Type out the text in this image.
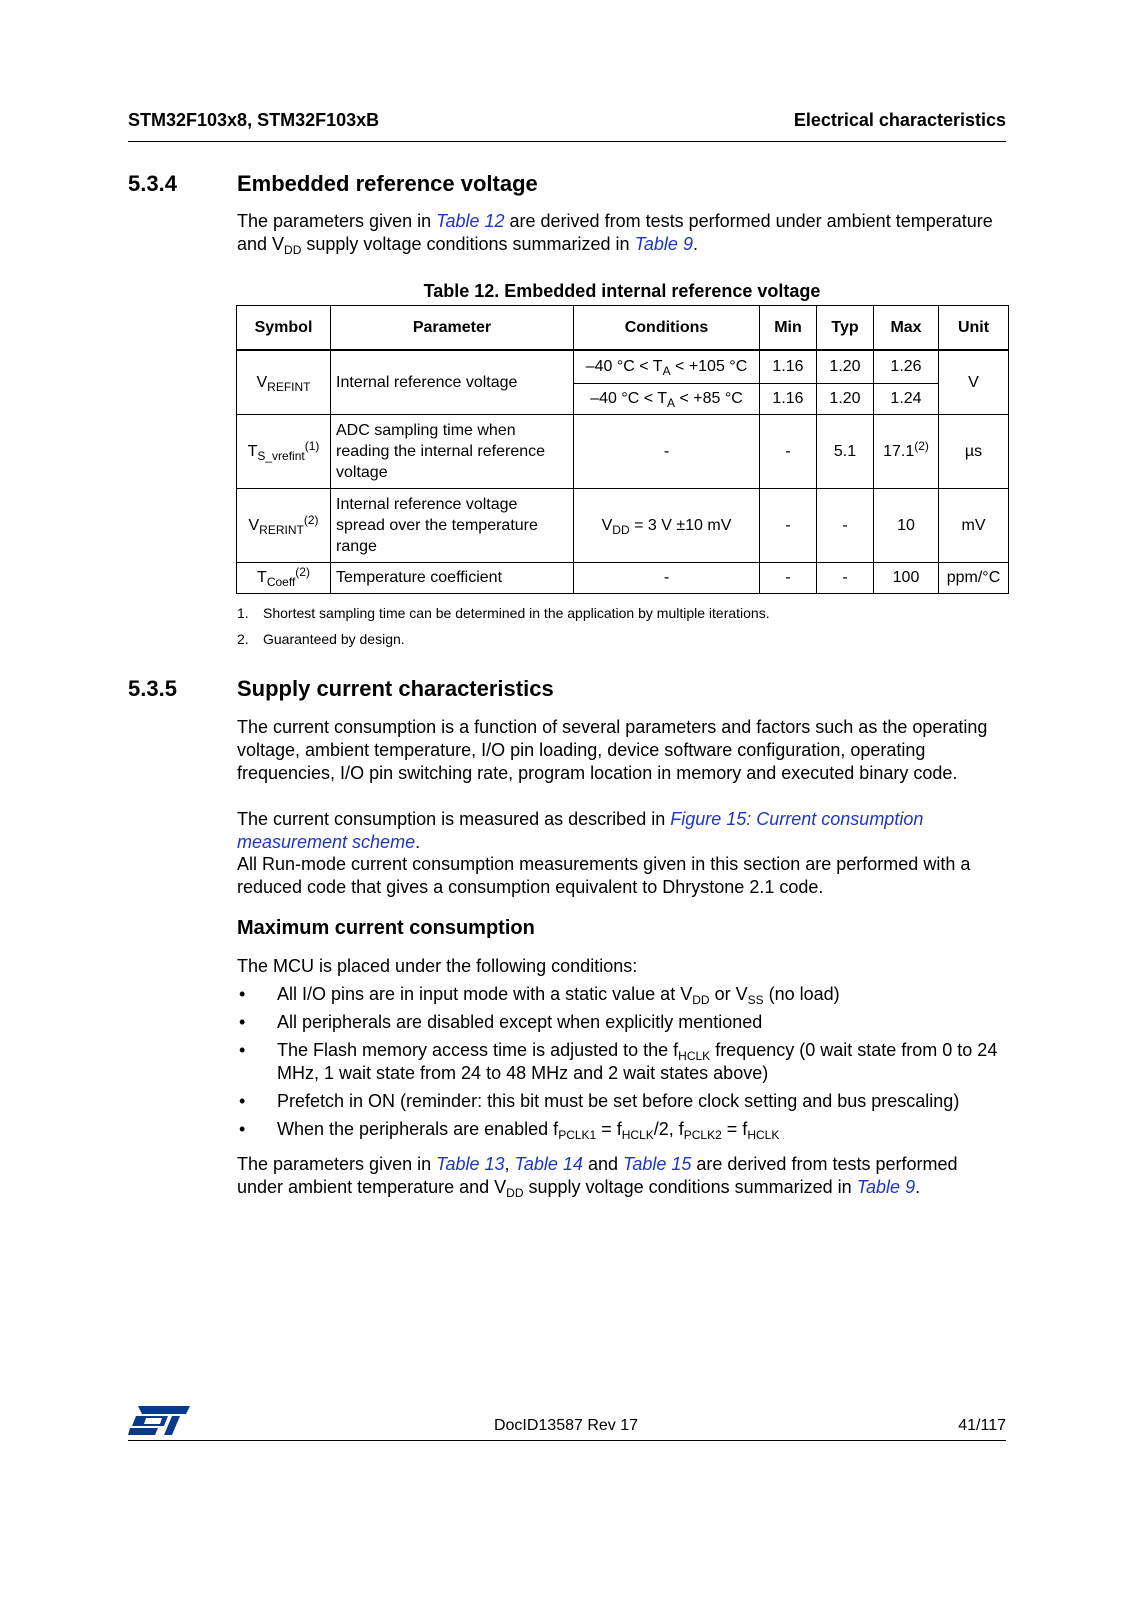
STM32F103x8, STM32F103xB	Electrical characteristics
5.3.4	Embedded reference voltage
The parameters given in Table 12 are derived from tests performed under ambient temperature and $V_{DD}$ supply voltage conditions summarized in Table 9.
Table 12. Embedded internal reference voltage
Symbol	Parameter	Conditions	Min	Typ	Max	Unit
$V_{REFINT}$	Internal reference voltage	–40 $^\circ C < T_A < +105$ °C	1.16	1.20	1.26	V
		–40 $^\circ C < T_A < +85$ °C	1.16	1.20	1.24	
$T_{S\_vrefint}^{(1)}$	ADC sampling time when reading the internal reference voltage	-	-	5.1	17.1$^{(2)}$	µs
$V_{RERINT}^{(2)}$	Internal reference voltage spread over the temperature range	$V_{DD} = 3$ V ±10 mV	-	-	10	mV
$T_{Coeff}^{(2)}$	Temperature coefficient	-	-	-	100	ppm/°C
1. Shortest sampling time can be determined in the application by multiple iterations.
2. Guaranteed by design.
5.3.5	Supply current characteristics
The current consumption is a function of several parameters and factors such as the operating voltage, ambient temperature, I/O pin loading, device software configuration, operating frequencies, I/O pin switching rate, program location in memory and executed binary code.
The current consumption is measured as described in Figure 15: Current consumption measurement scheme.
All Run-mode current consumption measurements given in this section are performed with a reduced code that gives a consumption equivalent to Dhrystone 2.1 code.
Maximum current consumption
The MCU is placed under the following conditions:
• All I/O pins are in input mode with a static value at $V_{DD}$ or $V_{SS}$ (no load)
• All peripherals are disabled except when explicitly mentioned
• The Flash memory access time is adjusted to the $f_{HCLK}$ frequency (0 wait state from 0 to 24 MHz, 1 wait state from 24 to 48 MHz and 2 wait states above)
• Prefetch in ON (reminder: this bit must be set before clock setting and bus prescaling)
• When the peripherals are enabled $f_{PCLK1} = f_{HCLK}/2$, $f_{PCLK2} = f_{HCLK}$
The parameters given in Table 13, Table 14 and Table 15 are derived from tests performed under ambient temperature and $V_{DD}$ supply voltage conditions summarized in Table 9.
DocID13587 Rev 17	41/117
